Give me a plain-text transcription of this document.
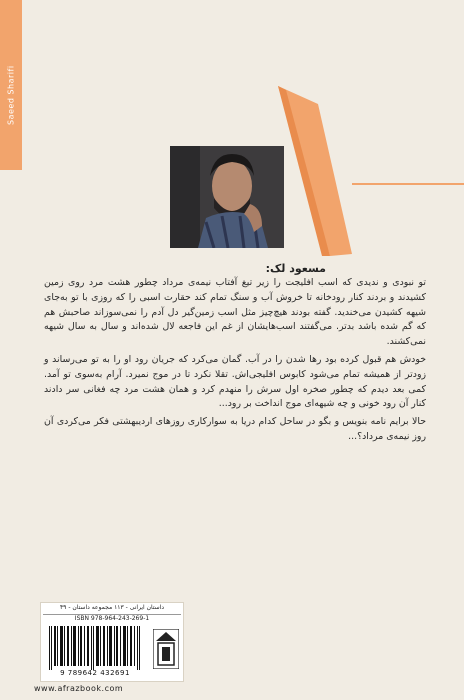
Saeed Sharifi
مسعود لک:

تو نبودی و ندیدی که اسب افلیجت را زیر تیغ آفتاب نیمه‌ی مرداد چطور هشت مرد روی زمین کشیدند و بردند کنار رودخانه تا خروش آب و سنگ تمام کند حقارت اسبی را که روزی با تو به‌جای شیهه کشیدن می‌خندید. گفته بودند هیچ‌چیز مثل اسب زمین‌گیر دل آدم را نمی‌سوزاند صاحبش هم که گم شده باشد بدتر. می‌گفتند اسب‌هایشان از غم این فاجعه لال شده‌اند و سال به سال شیهه نمی‌کشند.

خودش هم قبول کرده بود رها شدن را در آب. گمان می‌کرد که جریان رود او را به تو می‌رساند و زودتر از همیشه تمام می‌شود کابوس افلیجی‌اش. تقلا نکرد تا در موج نمیرد. آرام به‌سوی تو آمد. کمی بعد دیدم که چطور صخره اول سرش را منهدم کرد و همان هشت مرد چه فغانی سر دادند کنار آن رود خونی و چه شیهه‌ای موج انداخت بر رود...

حالا برایم نامه بنویس و بگو در ساحل کدام دریا به سوارکاری روزهای اردیبهشتی فکر می‌کردی آن روز نیمه‌ی مرداد؟...

داستان ایرانی - ۱۱۳ مجموعه داستان - ۴۹
ISBN 978-964-243-269-1
9 789642 432691
www.afrazbook.com
